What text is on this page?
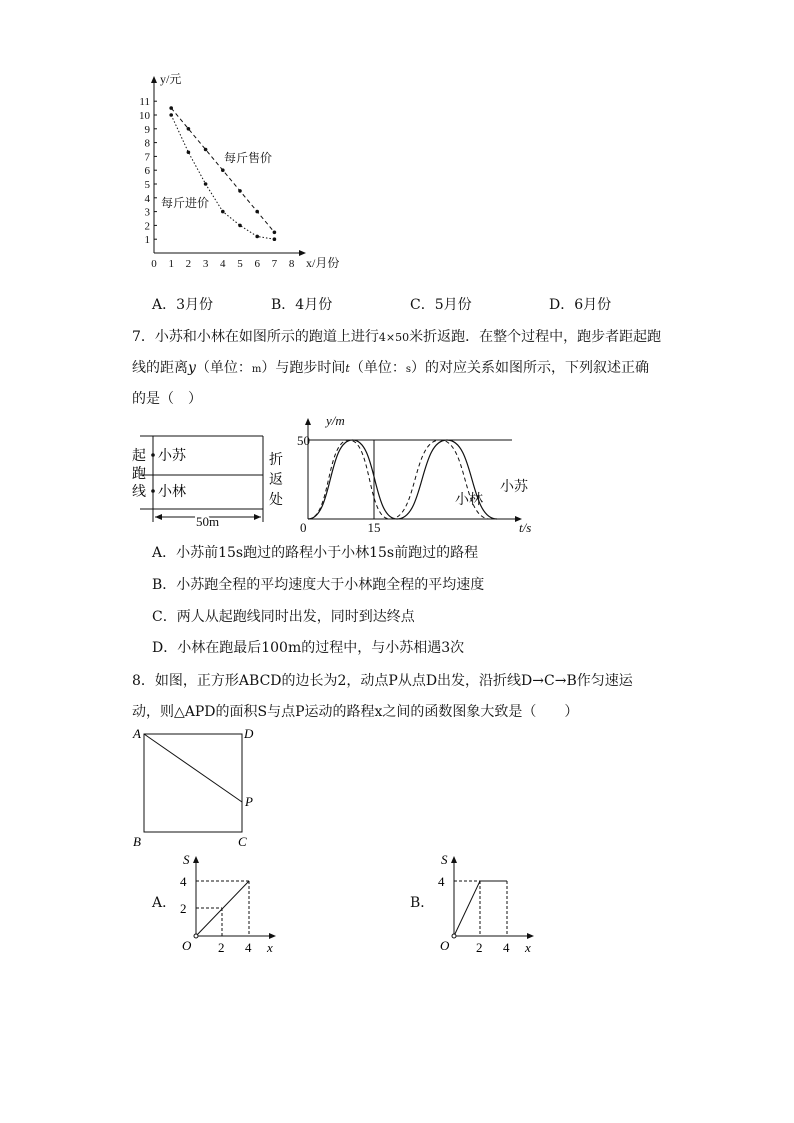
11
10
9
8
7
6
5
4
3
2
1
0 1 2 3 4 5 6 7 8
y/元
x/月份
每斤售价
每斤进价
A．3月份	B．4月份	C．5月份	D．6月份
7．小苏和小林在如图所示的跑道上进行4×50米折返跑．在整个过程中，跑步者距起跑
线的距离y（单位：m）与跑步时间t（单位：s）的对应关系如图所示，下列叙述正确
的是（　）
起
跑
线
折
返
处
小苏
小林
50m
50
y/m
0	15	t/s
小苏
小林
A．小苏前15s跑过的路程小于小林15s前跑过的路程
B．小苏跑全程的平均速度大于小林跑全程的平均速度
C．两人从起跑线同时出发，同时到达终点
D．小林在跑最后100m的过程中，与小苏相遇3次
8．如图，正方形ABCD的边长为2，动点P从点D出发，沿折线D→C→B作匀速运
动，则△APD的面积S与点P运动的路程x之间的函数图象大致是（　　）
A	D
B	C
P
A．
S
4
2
O 2 4 x
B．
S
4
O 2 4 x
